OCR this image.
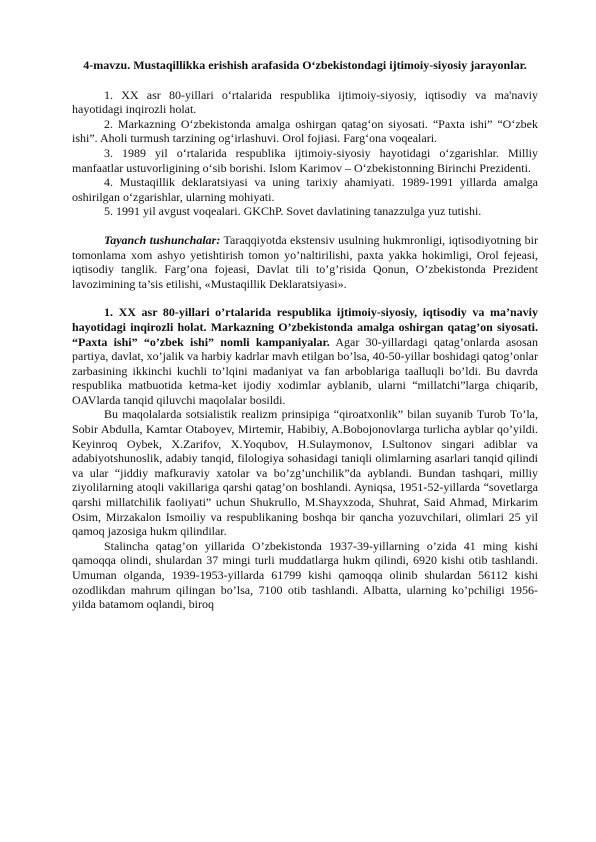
4-mavzu. Mustaqillikka erishish arafasida O‘zbekistondagi ijtimoiy-siyosiy jarayonlar.

1. XX asr 80-yillari o‘rtalarida respublika ijtimoiy-siyosiy, iqtisodiy va ma'naviy hayotidagi inqirozli holat.

2. Markazning O‘zbekistonda amalga oshirgan qatag‘on siyosati. “Paxta ishi” “O‘zbek ishi”. Aholi turmush tarzining og‘irlashuvi. Orol fojiasi. Farg‘ona voqealari.

3. 1989 yil o‘rtalarida respublika ijtimoiy-siyosiy hayotidagi o‘zgarishlar. Milliy manfaatlar ustuvorligining o‘sib borishi. Islom Karimov – O‘zbekistonning Birinchi Prezidenti.

4. Mustaqillik deklaratsiyasi va uning tarixiy ahamiyati. 1989-1991 yillarda amalga oshirilgan o‘zgarishlar, ularning mohiyati.

5. 1991 yil avgust voqealari. GKChP. Sovet davlatining tanazzulga yuz tutishi.

Tayanch tushunchalar: Taraqqiyotda ekstensiv usulning hukmronligi, iqtisodiyotning bir tomonlama xom ashyo yetishtirish tomon yo’naltirilishi, paxta yakka hokimligi, Orol fejeasi, iqtisodiy tanglik. Farg’ona fojeasi, Davlat tili to’g’risida Qonun, O’zbekistonda Prezident lavozimining ta’sis etilishi, «Mustaqillik Deklaratsiyasi».

1. XX asr 80-yillari o’rtalarida respublika ijtimoiy-siyosiy, iqtisodiy va ma’naviy hayotidagi inqirozli holat. Markazning O’zbekistonda amalga oshirgan qatag’on siyosati. “Paxta ishi” “o’zbek ishi” nomli kampaniyalar. Agar 30-yillardagi qatag’onlarda asosan partiya, davlat, xo’jalik va harbiy kadrlar mavh etilgan bo’lsa, 40-50-yillar boshidagi qatog’onlar zarbasining ikkinchi kuchli to’lqini madaniyat va fan arboblariga taalluqli bo’ldi. Bu davrda respublika matbuotida ketma-ket ijodiy xodimlar ayblanib, ularni “millatchi”larga chiqarib, OAVlarda tanqid qiluvchi maqolalar bosildi.

Bu maqolalarda sotsialistik realizm prinsipiga “qiroatxonlik” bilan suyanib Turob To’la, Sobir Abdulla, Kamtar Otaboyev, Mirtemir, Habibiy, A.Bobojonovlarga turlicha ayblar qo’yildi. Keyinroq Oybek, X.Zarifov, X.Yoqubov, H.Sulaymonov, I.Sultonov singari adiblar va adabiyotshunoslik, adabiy tanqid, filologiya sohasidagi taniqli olimlarning asarlari tanqid qilindi va ular “jiddiy mafkuraviy xatolar va bo’zg’unchilik”da ayblandi. Bundan tashqari, milliy ziyolilarning atoqli vakillariga qarshi qatag’on boshlandi. Ayniqsa, 1951-52-yillarda “sovetlarga qarshi millatchilik faoliyati” uchun Shukrullo, M.Shayxzoda, Shuhrat, Said Ahmad, Mirkarim Osim, Mirzakalon Ismoiliy va respublikaning boshqa bir qancha yozuvchilari, olimlari 25 yil qamoq jazosiga hukm qilindilar.

Stalincha qatag’on yillarida O’zbekistonda 1937-39-yillarning o’zida 41 ming kishi qamoqqa olindi, shulardan 37 mingi turli muddatlarga hukm qilindi, 6920 kishi otib tashlandi. Umuman olganda, 1939-1953-yillarda 61799 kishi qamoqqa olinib shulardan 56112 kishi ozodlikdan mahrum qilingan bo’lsa, 7100 otib tashlandi. Albatta, ularning ko’pchiligi 1956-yilda batamom oqlandi, biroq
